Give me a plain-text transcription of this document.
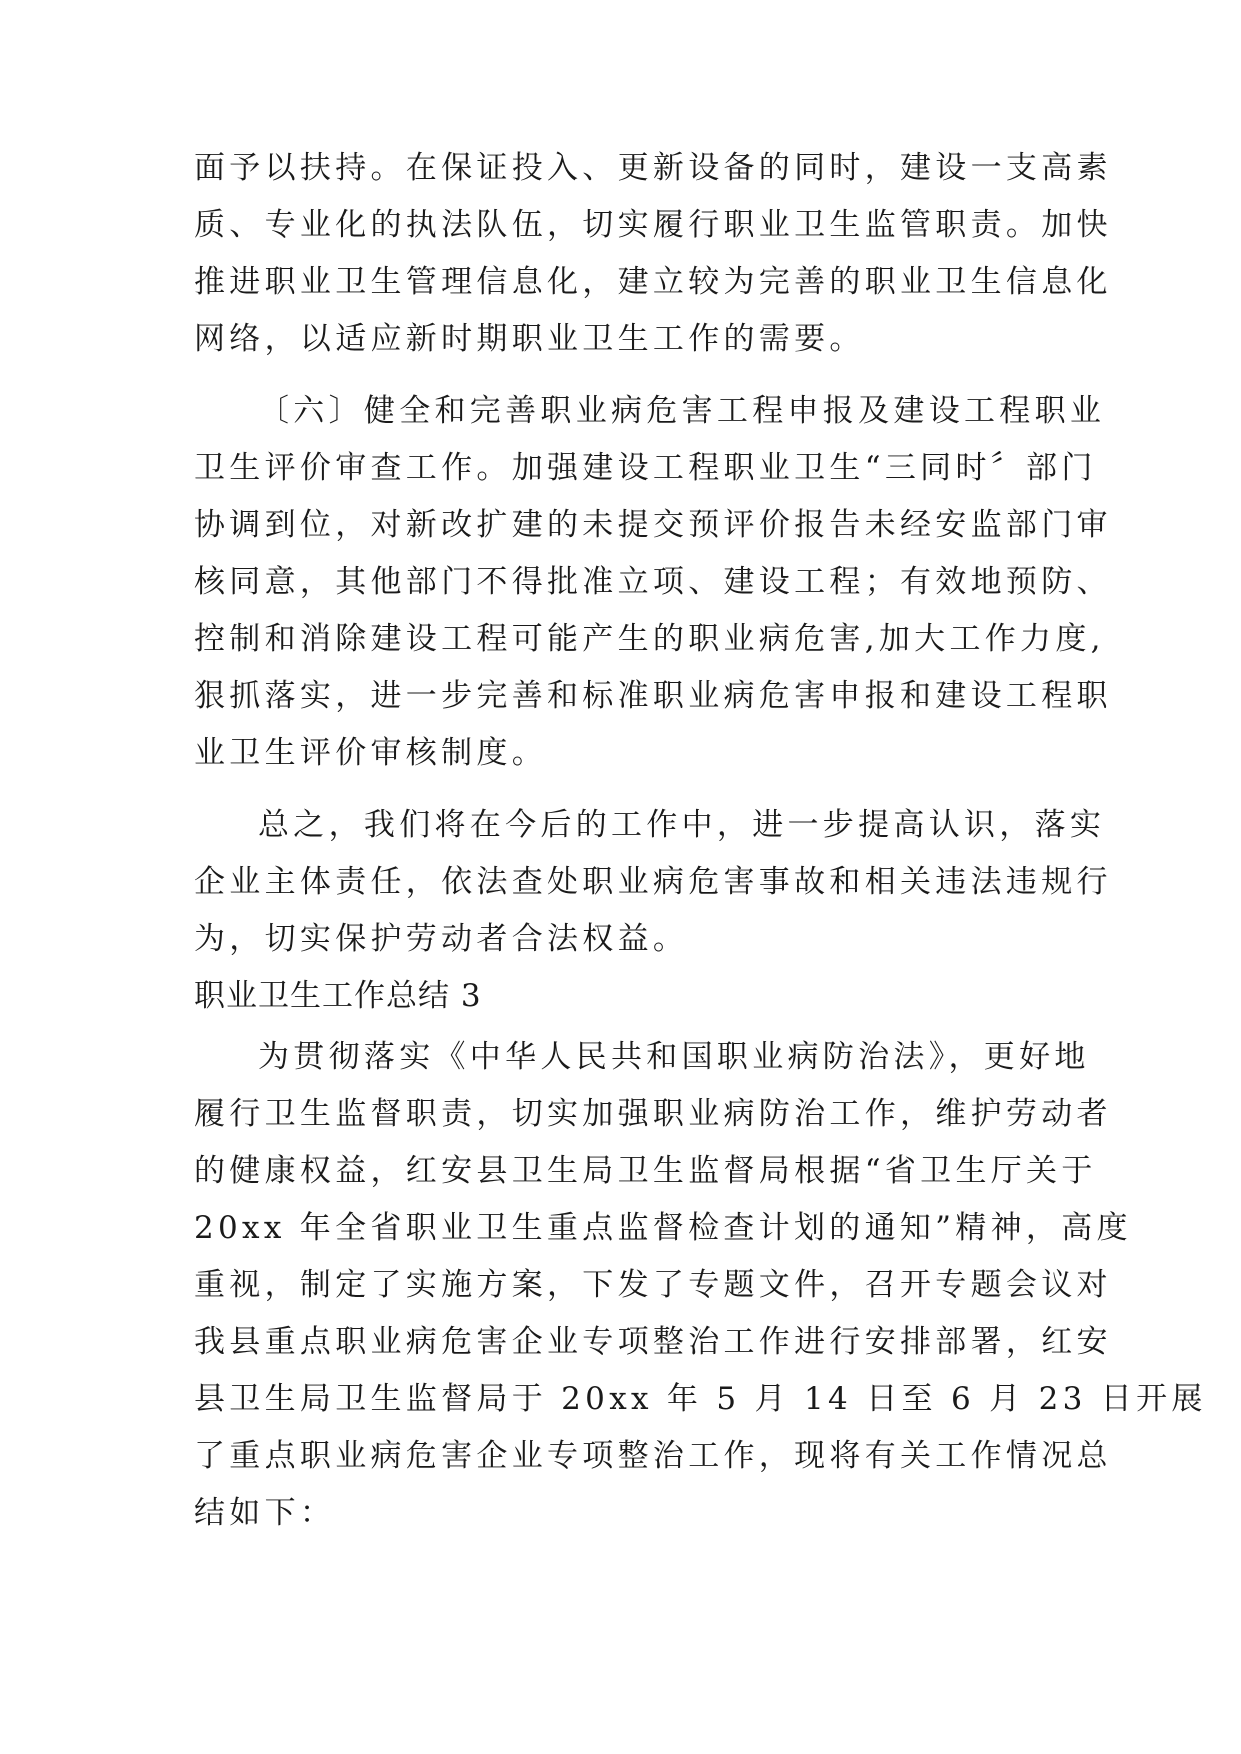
面予以扶持。在保证投入、更新设备的同时，建设一支高素
质、专业化的执法队伍，切实履行职业卫生监管职责。加快
推进职业卫生管理信息化，建立较为完善的职业卫生信息化
网络，以适应新时期职业卫生工作的需要。
〔六〕健全和完善职业病危害工程申报及建设工程职业
卫生评价审查工作。加强建设工程职业卫生“三同时〞部门
协调到位，对新改扩建的未提交预评价报告未经安监部门审
核同意，其他部门不得批准立项、建设工程；有效地预防、
控制和消除建设工程可能产生的职业病危害,加大工作力度,
狠抓落实，进一步完善和标准职业病危害申报和建设工程职
业卫生评价审核制度。
总之，我们将在今后的工作中，进一步提高认识，落实
企业主体责任，依法查处职业病危害事故和相关违法违规行
为，切实保护劳动者合法权益。
职业卫生工作总结 3
为贯彻落实《中华人民共和国职业病防治法》，更好地
履行卫生监督职责，切实加强职业病防治工作，维护劳动者
的健康权益，红安县卫生局卫生监督局根据“省卫生厅关于
20xx 年全省职业卫生重点监督检查计划的通知”精神，高度
重视，制定了实施方案，下发了专题文件，召开专题会议对
我县重点职业病危害企业专项整治工作进行安排部署，红安
县卫生局卫生监督局于 20xx 年 5 月 14 日至 6 月 23 日开展
了重点职业病危害企业专项整治工作，现将有关工作情况总
结如下：
